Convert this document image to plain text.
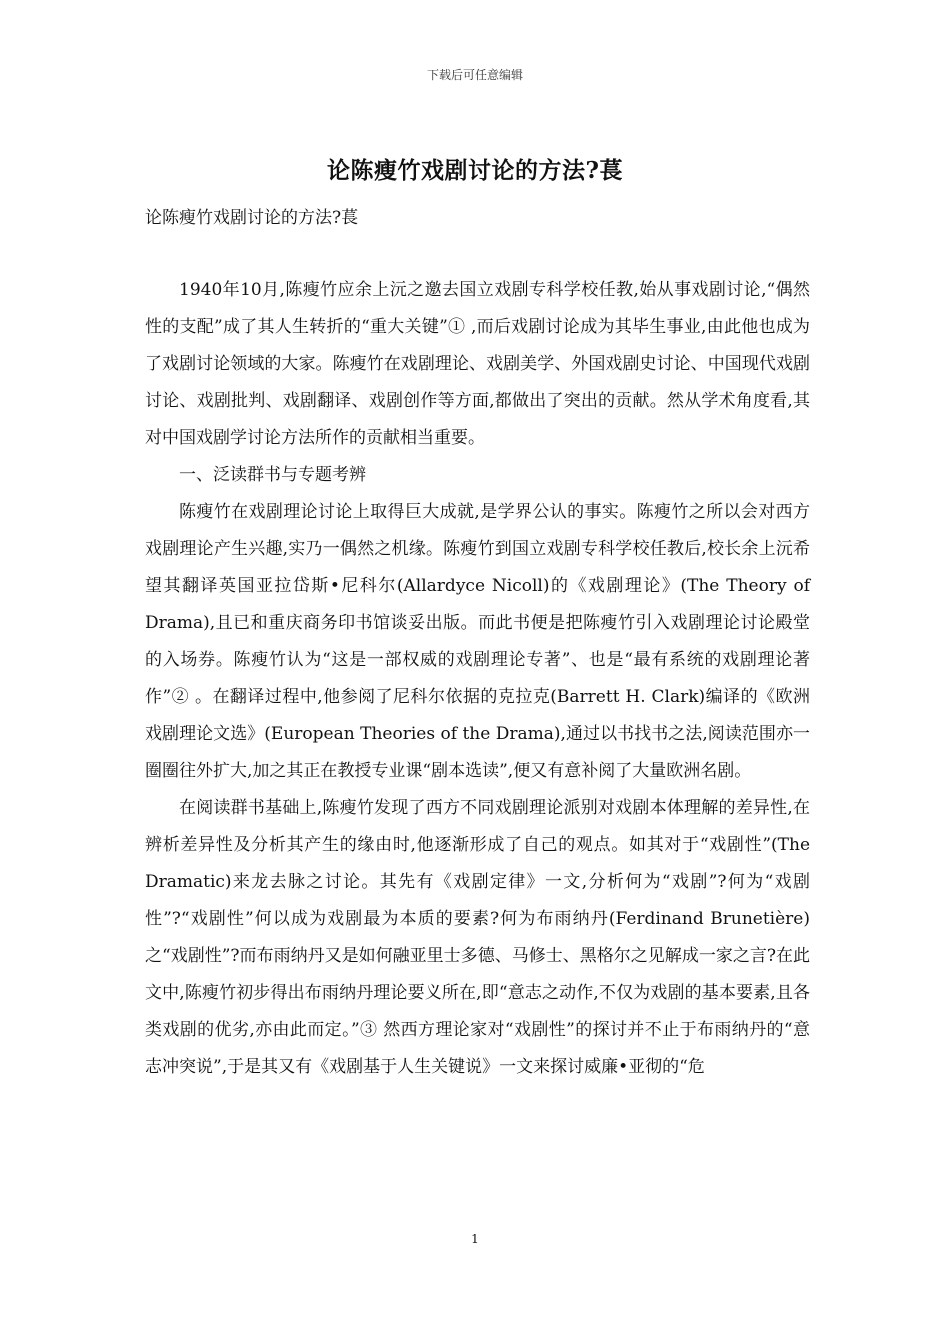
下载后可任意编辑
论陈瘦竹戏剧讨论的方法?萇
论陈瘦竹戏剧讨论的方法?萇

1940年10月,陈瘦竹应余上沅之邀去国立戏剧专科学校任教,始从事戏剧讨论,“偶然性的支配”成了其人生转折的“重大关键”① ,而后戏剧讨论成为其毕生事业,由此他也成为了戏剧讨论领域的大家。陈瘦竹在戏剧理论、戏剧美学、外国戏剧史讨论、中国现代戏剧讨论、戏剧批判、戏剧翻译、戏剧创作等方面,都做出了突出的贡献。然从学术角度看,其对中国戏剧学讨论方法所作的贡献相当重要。

一、泛读群书与专题考辨

陈瘦竹在戏剧理论讨论上取得巨大成就,是学界公认的事实。陈瘦竹之所以会对西方戏剧理论产生兴趣,实乃一偶然之机缘。陈瘦竹到国立戏剧专科学校任教后,校长余上沅希望其翻译英国亚拉岱斯•尼科尔(Allardyce Nicoll)的《戏剧理论》(The Theory of Drama),且已和重庆商务印书馆谈妥出版。而此书便是把陈瘦竹引入戏剧理论讨论殿堂的入场券。陈瘦竹认为“这是一部权威的戏剧理论专著”、也是“最有系统的戏剧理论著作”② 。在翻译过程中,他参阅了尼科尔依据的克拉克(Barrett H. Clark)编译的《欧洲戏剧理论文选》(European Theories of the Drama),通过以书找书之法,阅读范围亦一圈圈往外扩大,加之其正在教授专业课“剧本选读”,便又有意补阅了大量欧洲名剧。

在阅读群书基础上,陈瘦竹发现了西方不同戏剧理论派别对戏剧本体理解的差异性,在辨析差异性及分析其产生的缘由时,他逐渐形成了自己的观点。如其对于“戏剧性”(The Dramatic)来龙去脉之讨论。其先有《戏剧定律》一文,分析何为“戏剧”?何为“戏剧性”?“戏剧性”何以成为戏剧最为本质的要素?何为布雨纳丹(Ferdinand Brunetière)之“戏剧性”?而布雨纳丹又是如何融亚里士多德、马修士、黑格尔之见解成一家之言?在此文中,陈瘦竹初步得出布雨纳丹理论要义所在,即“意志之动作,不仅为戏剧的基本要素,且各类戏剧的优劣,亦由此而定。”③ 然西方理论家对“戏剧性”的探讨并不止于布雨纳丹的“意志冲突说”,于是其又有《戏剧基于人生关键说》一文来探讨威廉•亚彻的“危

1
